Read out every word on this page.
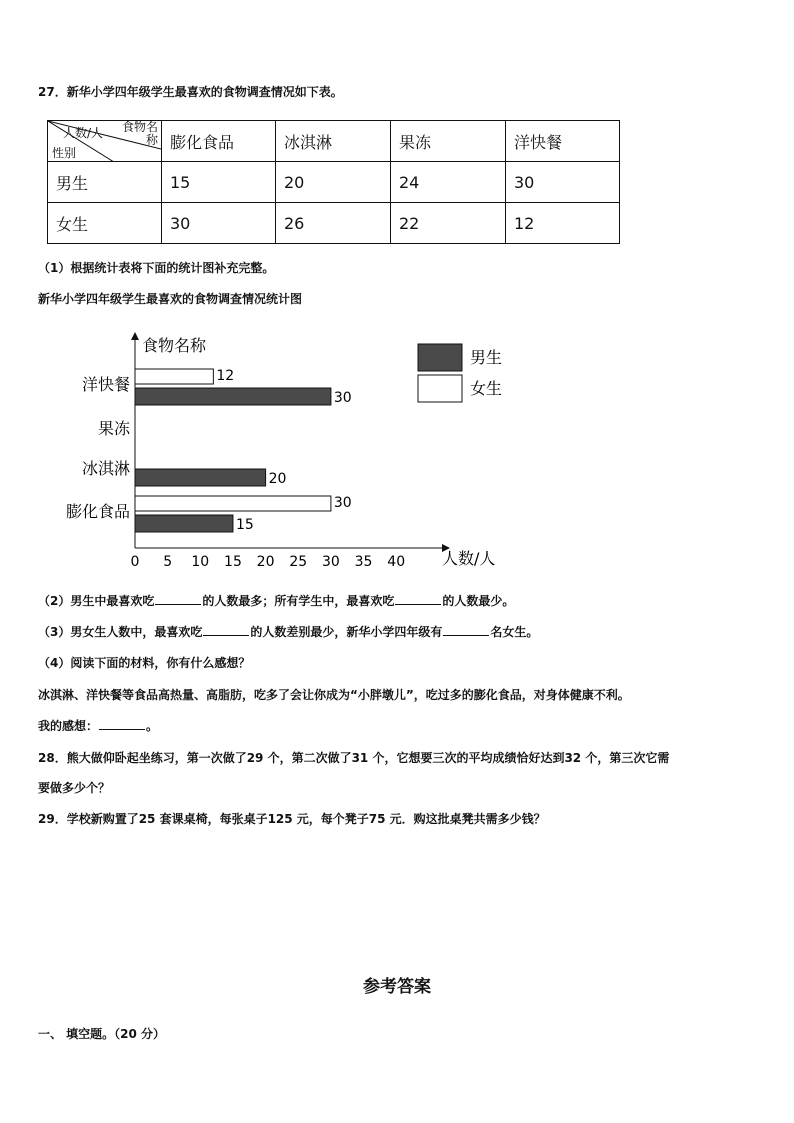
27．新华小学四年级学生最喜欢的食物调查情况如下表。
食物名称
人数/人
性别	膨化食品	冰淇淋	果冻	洋快餐
男生	15	20	24	30
女生	30	26	22	12
（1）根据统计表将下面的统计图补充完整。
新华小学四年级学生最喜欢的食物调查情况统计图
食物名称
人数/人
0 5 10 15 20 25 30 35 40
膨化食品
冰淇淋
果冻
洋快餐
15
20
30
30
12
男生
女生
（2）男生中最喜欢吃	的人数最多；所有学生中，最喜欢吃	的人数最少。
（3）男女生人数中，最喜欢吃	的人数差别最少，新华小学四年级有	名女生。
（4）阅读下面的材料，你有什么感想？
冰淇淋、洋快餐等食品高热量、高脂肪，吃多了会让你成为“小胖墩儿”，吃过多的膨化食品，对身体健康不利。
我的感想：	。
28．熊大做仰卧起坐练习，第一次做了29 个，第二次做了31 个，它想要三次的平均成绩恰好达到32 个，第三次它需
要做多少个？
29．学校新购置了25 套课桌椅，每张桌子125 元，每个凳子75 元．购这批桌凳共需多少钱？
参考答案
一、 填空题。（20 分）
